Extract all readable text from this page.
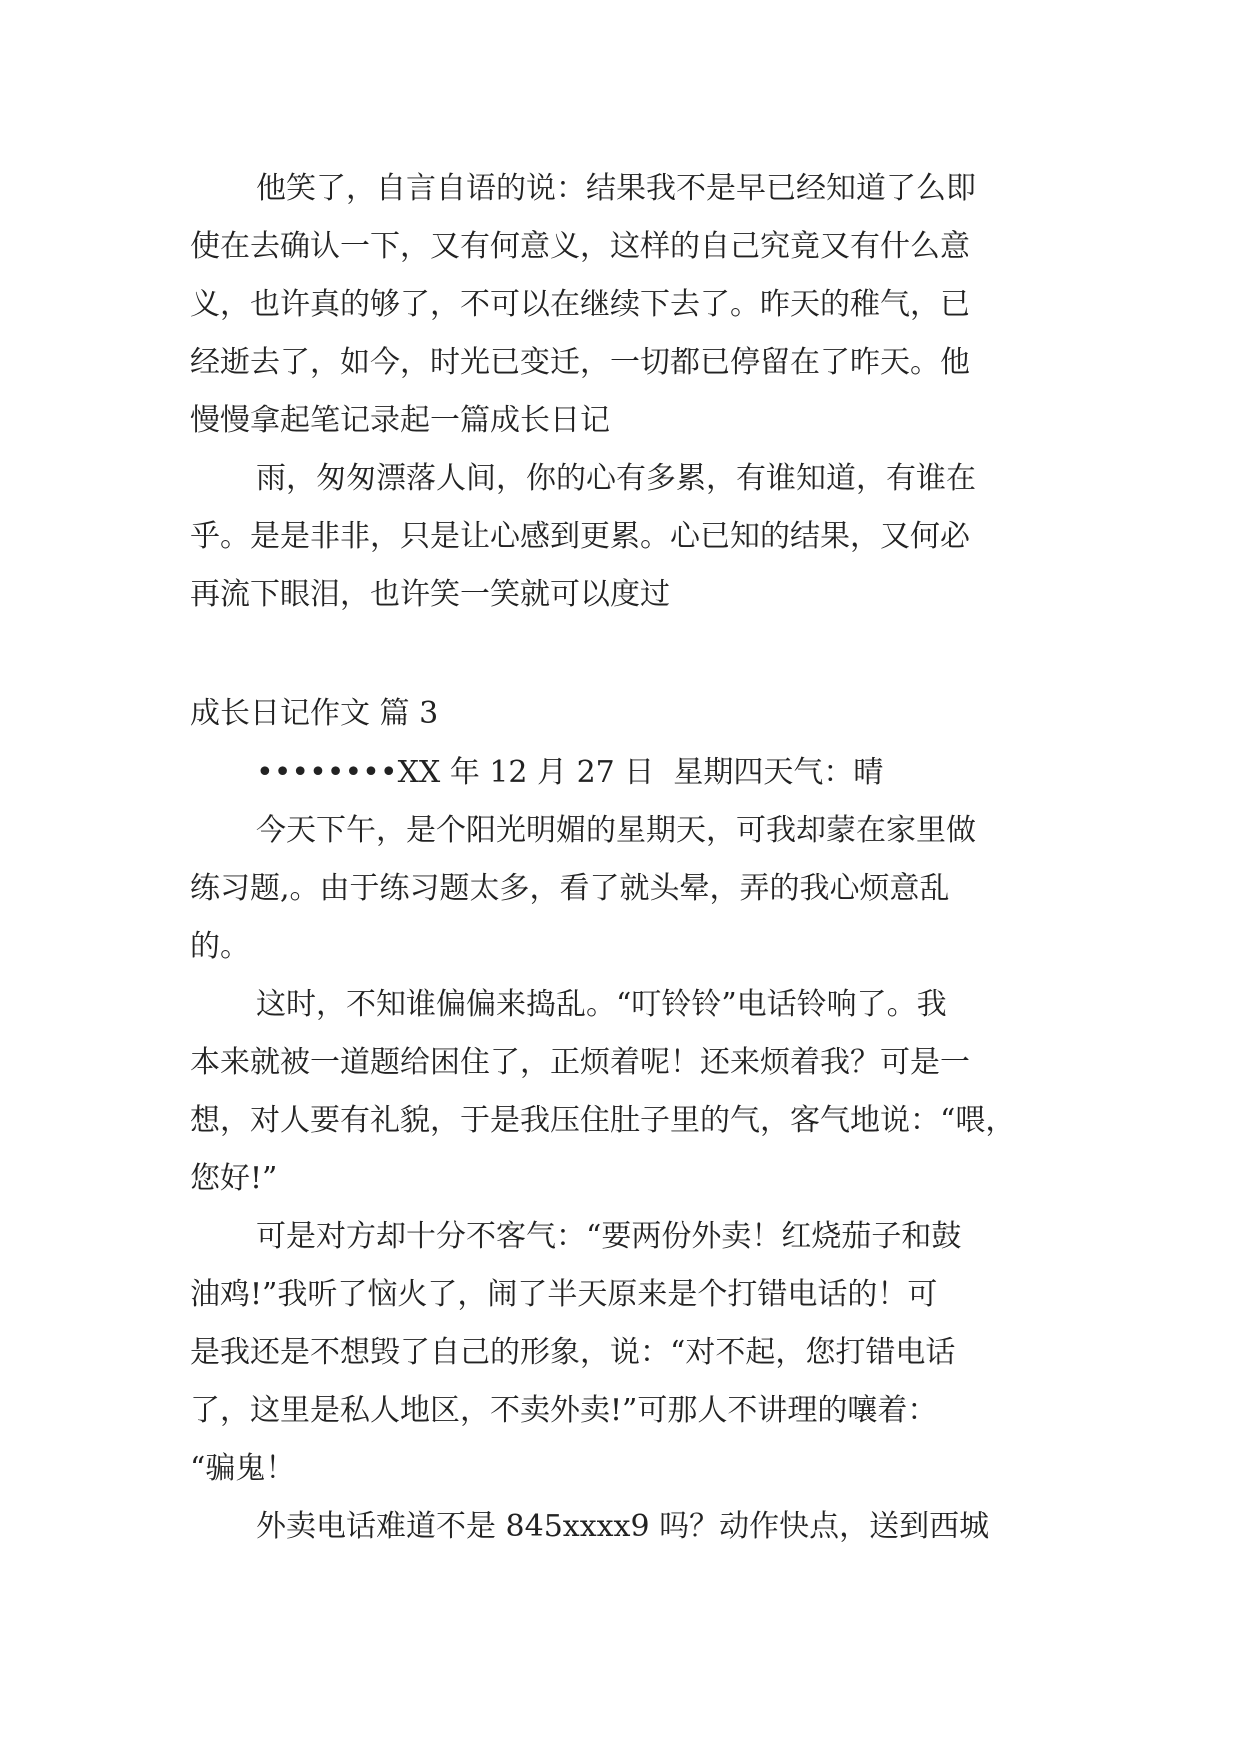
他笑了，自言自语的说：结果我不是早已经知道了么即
使在去确认一下，又有何意义，这样的自己究竟又有什么意
义，也许真的够了，不可以在继续下去了。昨天的稚气，已
经逝去了，如今，时光已变迁，一切都已停留在了昨天。他
慢慢拿起笔记录起一篇成长日记
雨，匆匆漂落人间，你的心有多累，有谁知道，有谁在
乎。是是非非，只是让心感到更累。心已知的结果，又何必
再流下眼泪，也许笑一笑就可以度过
成长日记作文 篇 3
••••••••XX 年 12 月 27 日  星期四天气：晴
今天下午，是个阳光明媚的星期天，可我却蒙在家里做
练习题,。由于练习题太多，看了就头晕，弄的我心烦意乱
的。
这时，不知谁偏偏来捣乱。“叮铃铃”电话铃响了。我
本来就被一道题给困住了，正烦着呢！还来烦着我？可是一
想，对人要有礼貌，于是我压住肚子里的气，客气地说：“喂，
您好!”
可是对方却十分不客气：“要两份外卖！红烧茄子和鼓
油鸡!”我听了恼火了，闹了半天原来是个打错电话的！可
是我还是不想毁了自己的形象，说：“对不起，您打错电话
了，这里是私人地区，不卖外卖!”可那人不讲理的嚷着：
“骗鬼！
外卖电话难道不是 845xxxx9 吗？动作快点，送到西城
